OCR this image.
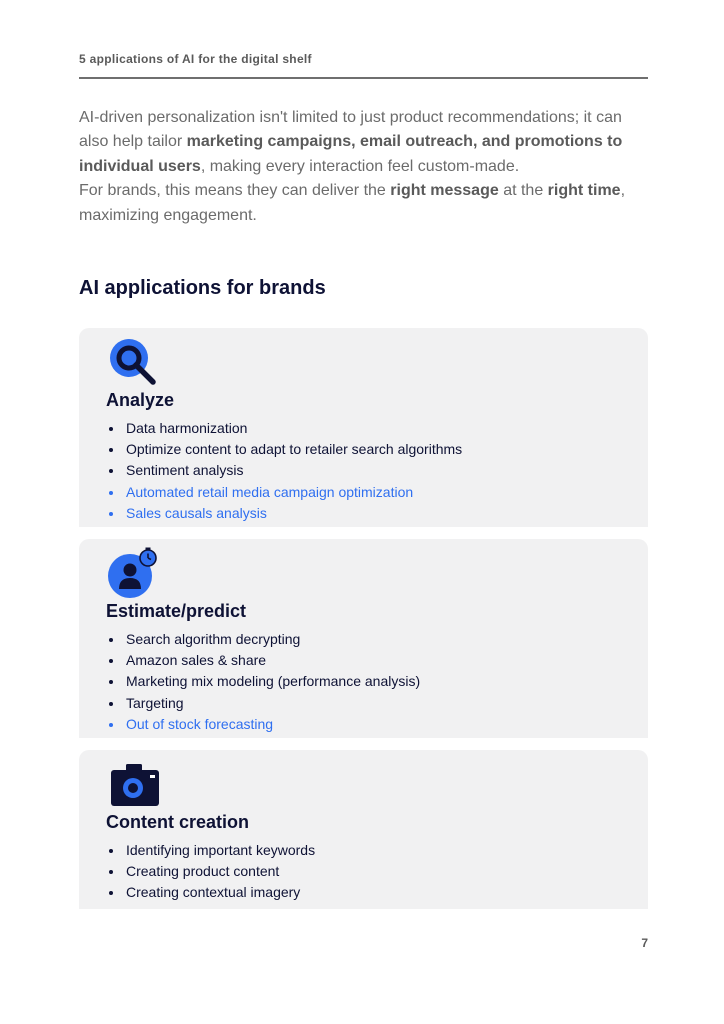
5 applications of AI for the digital shelf

AI-driven personalization isn't limited to just product recommendations; it can also help tailor marketing campaigns, email outreach, and promotions to individual users, making every interaction feel custom-made.

For brands, this means they can deliver the right message at the right time, maximizing engagement.

AI applications for brands
Analyze
Data harmonization
Optimize content to adapt to retailer search algorithms
Sentiment analysis
Automated retail media campaign optimization
Sales causals analysis
Estimate/predict
Search algorithm decrypting
Amazon sales & share
Marketing mix modeling (performance analysis)
Targeting
Out of stock forecasting
Content creation
Identifying important keywords
Creating product content
Creating contextual imagery
7
